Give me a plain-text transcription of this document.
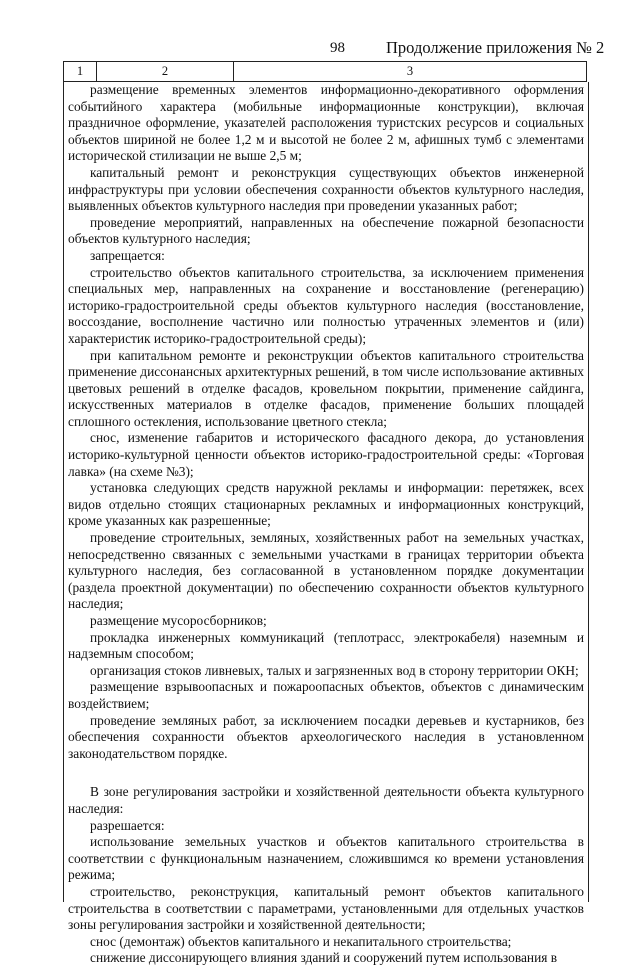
98 Продолжение приложения № 2
1	2	3

размещение временных элементов информационно-декоративного оформления событийного характера (мобильные информационные конструкции), включая праздничное оформление, указателей расположения туристских ресурсов и социальных объектов шириной не более 1,2 м и высотой не более 2 м, афишных тумб с элементами исторической стилизации не выше 2,5 м;

капитальный ремонт и реконструкция существующих объектов инженерной инфраструктуры при условии обеспечения сохранности объектов культурного наследия, выявленных объектов культурного наследия при проведении указанных работ;

проведение мероприятий, направленных на обеспечение пожарной безопасности объектов культурного наследия;

запрещается:

строительство объектов капитального строительства, за исключением применения специальных мер, направленных на сохранение и восстановление (регенерацию) историко-градостроительной среды объектов культурного наследия (восстановление, воссоздание, восполнение частично или полностью утраченных элементов и (или) характеристик историко-градостроительной среды);

при капитальном ремонте и реконструкции объектов капитального строительства применение диссонансных архитектурных решений, в том числе использование активных цветовых решений в отделке фасадов, кровельном покрытии, применение сайдинга, искусственных материалов в отделке фасадов, применение больших площадей сплошного остекления, использование цветного стекла;

снос, изменение габаритов и исторического фасадного декора, до установления историко-культурной ценности объектов историко-градостроительной среды: «Торговая лавка» (на схеме №3);

установка следующих средств наружной рекламы и информации: перетяжек, всех видов отдельно стоящих стационарных рекламных и информационных конструкций, кроме указанных как разрешенные;

проведение строительных, земляных, хозяйственных работ на земельных участках, непосредственно связанных с земельными участками в границах территории объекта культурного наследия, без согласованной в установленном порядке документации (раздела проектной документации) по обеспечению сохранности объектов культурного наследия;

размещение мусоросборников;

прокладка инженерных коммуникаций (теплотрасс, электрокабеля) наземным и надземным способом;

организация стоков ливневых, талых и загрязненных вод в сторону территории ОКН;

размещение взрывоопасных и пожароопасных объектов, объектов с динамическим воздействием;

проведение земляных работ, за исключением посадки деревьев и кустарников, без обеспечения сохранности объектов археологического наследия в установленном законодательством порядке.

В зоне регулирования застройки и хозяйственной деятельности объекта культурного наследия:

разрешается:

использование земельных участков и объектов капитального строительства в соответствии с функциональным назначением, сложившимся ко времени установления режима;

строительство, реконструкция, капитальный ремонт объектов капитального строительства в соответствии с параметрами, установленными для отдельных участков зоны регулирования застройки и хозяйственной деятельности;

снос (демонтаж) объектов капитального и некапитального строительства;

снижение диссонирующего влияния зданий и сооружений путем использования в
